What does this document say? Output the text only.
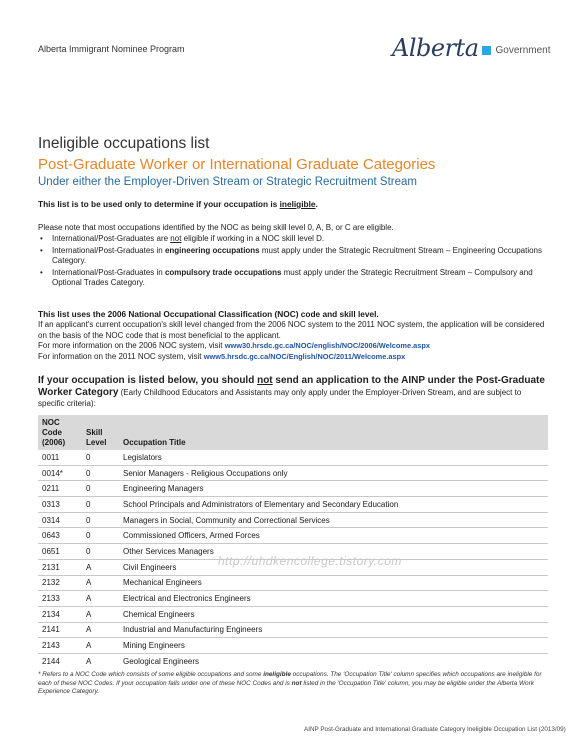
Alberta Immigrant Nominee Program	Alberta Government
Ineligible occupations list
Post-Graduate Worker or International Graduate Categories
Under either the Employer-Driven Stream or Strategic Recruitment Stream
This list is to be used only to determine if your occupation is ineligible.
Please note that most occupations identified by the NOC as being skill level 0, A, B, or C are eligible.
• International/Post-Graduates are not eligible if working in a NOC skill level D.
• International/Post-Graduates in engineering occupations must apply under the Strategic Recruitment Stream – Engineering Occupations Category.
• International/Post-Graduates in compulsory trade occupations must apply under the Strategic Recruitment Stream – Compulsory and Optional Trades Category.
This list uses the 2006 National Occupational Classification (NOC) code and skill level.
If an applicant's current occupation's skill level changed from the 2006 NOC system to the 2011 NOC system, the application will be considered on the basis of the NOC code that is most beneficial to the applicant.
For more information on the 2006 NOC system, visit www30.hrsdc.gc.ca/NOC/english/NOC/2006/Welcome.aspx
For information on the 2011 NOC system, visit www5.hrsdc.gc.ca/NOC/English/NOC/2011/Welcome.aspx
If your occupation is listed below, you should not send an application to the AINP under the Post-Graduate Worker Category (Early Childhood Educators and Assistants may only apply under the Employer-Driven Stream, and are subject to specific criteria):
NOC Code (2006)	Skill Level	Occupation Title
0011	0	Legislators
0014*	0	Senior Managers - Religious Occupations only
0211	0	Engineering Managers
0313	0	School Principals and Administrators of Elementary and Secondary Education
0314	0	Managers in Social, Community and Correctional Services
0643	0	Commissioned Officers, Armed Forces
0651	0	Other Services Managers
2131	A	Civil Engineers
2132	A	Mechanical Engineers
2133	A	Electrical and Electronics Engineers
2134	A	Chemical Engineers
2141	A	Industrial and Manufacturing Engineers
2143	A	Mining Engineers
2144	A	Geological Engineers
http://uhdkencollege.tistory.com
* Refers to a NOC Code which consists of some eligible occupations and some ineligible occupations. The 'Occupation Title' column specifies which occupations are ineligible for each of these NOC Codes. If your occupation falls under one of these NOC Codes and is not listed in the 'Occupation Title' column, you may be eligible under the Alberta Work Experience Category.
AINP Post-Graduate and International Graduate Category Ineligible Occupation List (2013/09)
